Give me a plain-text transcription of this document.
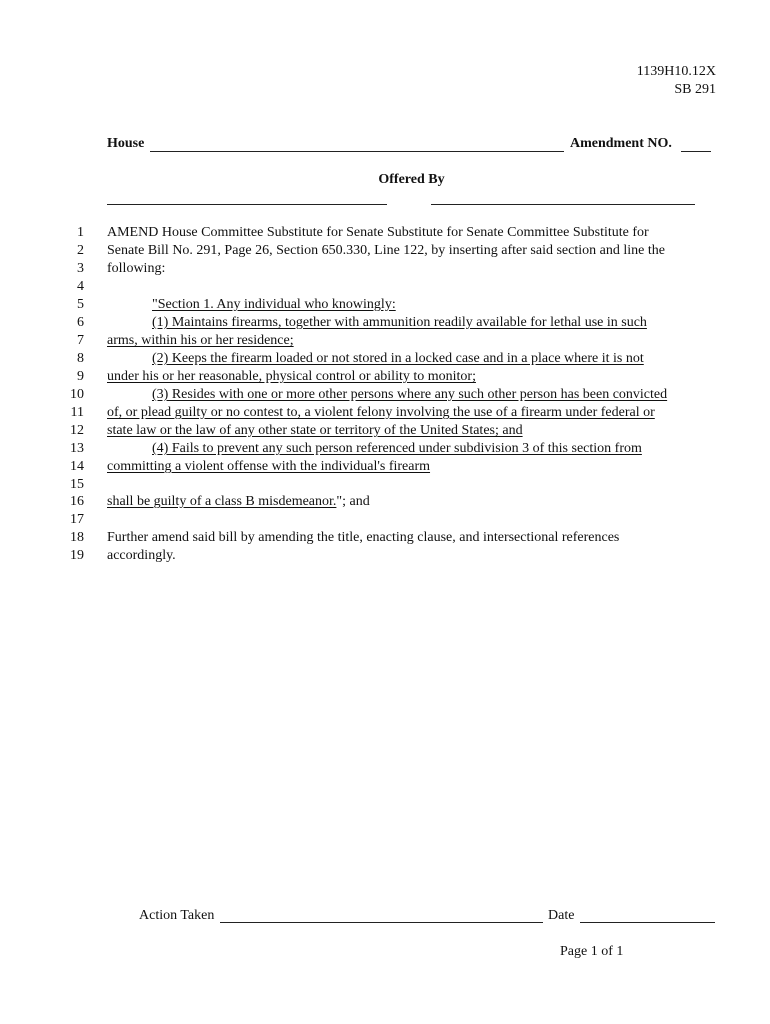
1139H10.12X
SB 291
House	Amendment NO.
Offered By
1 AMEND House Committee Substitute for Senate Substitute for Senate Committee Substitute for
2 Senate Bill No. 291, Page 26, Section 650.330, Line 122, by inserting after said section and line the
3 following:
4
5	"Section 1. Any individual who knowingly:
6	(1) Maintains firearms, together with ammunition readily available for lethal use in such
7 arms, within his or her residence;
8	(2) Keeps the firearm loaded or not stored in a locked case and in a place where it is not
9 under his or her reasonable, physical control or ability to monitor;
10	(3) Resides with one or more other persons where any such other person has been convicted
11 of, or plead guilty or no contest to, a violent felony involving the use of a firearm under federal or
12 state law or the law of any other state or territory of the United States; and
13	(4) Fails to prevent any such person referenced under subdivision 3 of this section from
14 committing a violent offense with the individual's firearm
15
16 shall be guilty of a class B misdemeanor."; and
17
18 Further amend said bill by amending the title, enacting clause, and intersectional references
19 accordingly.
Action Taken	Date
Page 1 of 1
